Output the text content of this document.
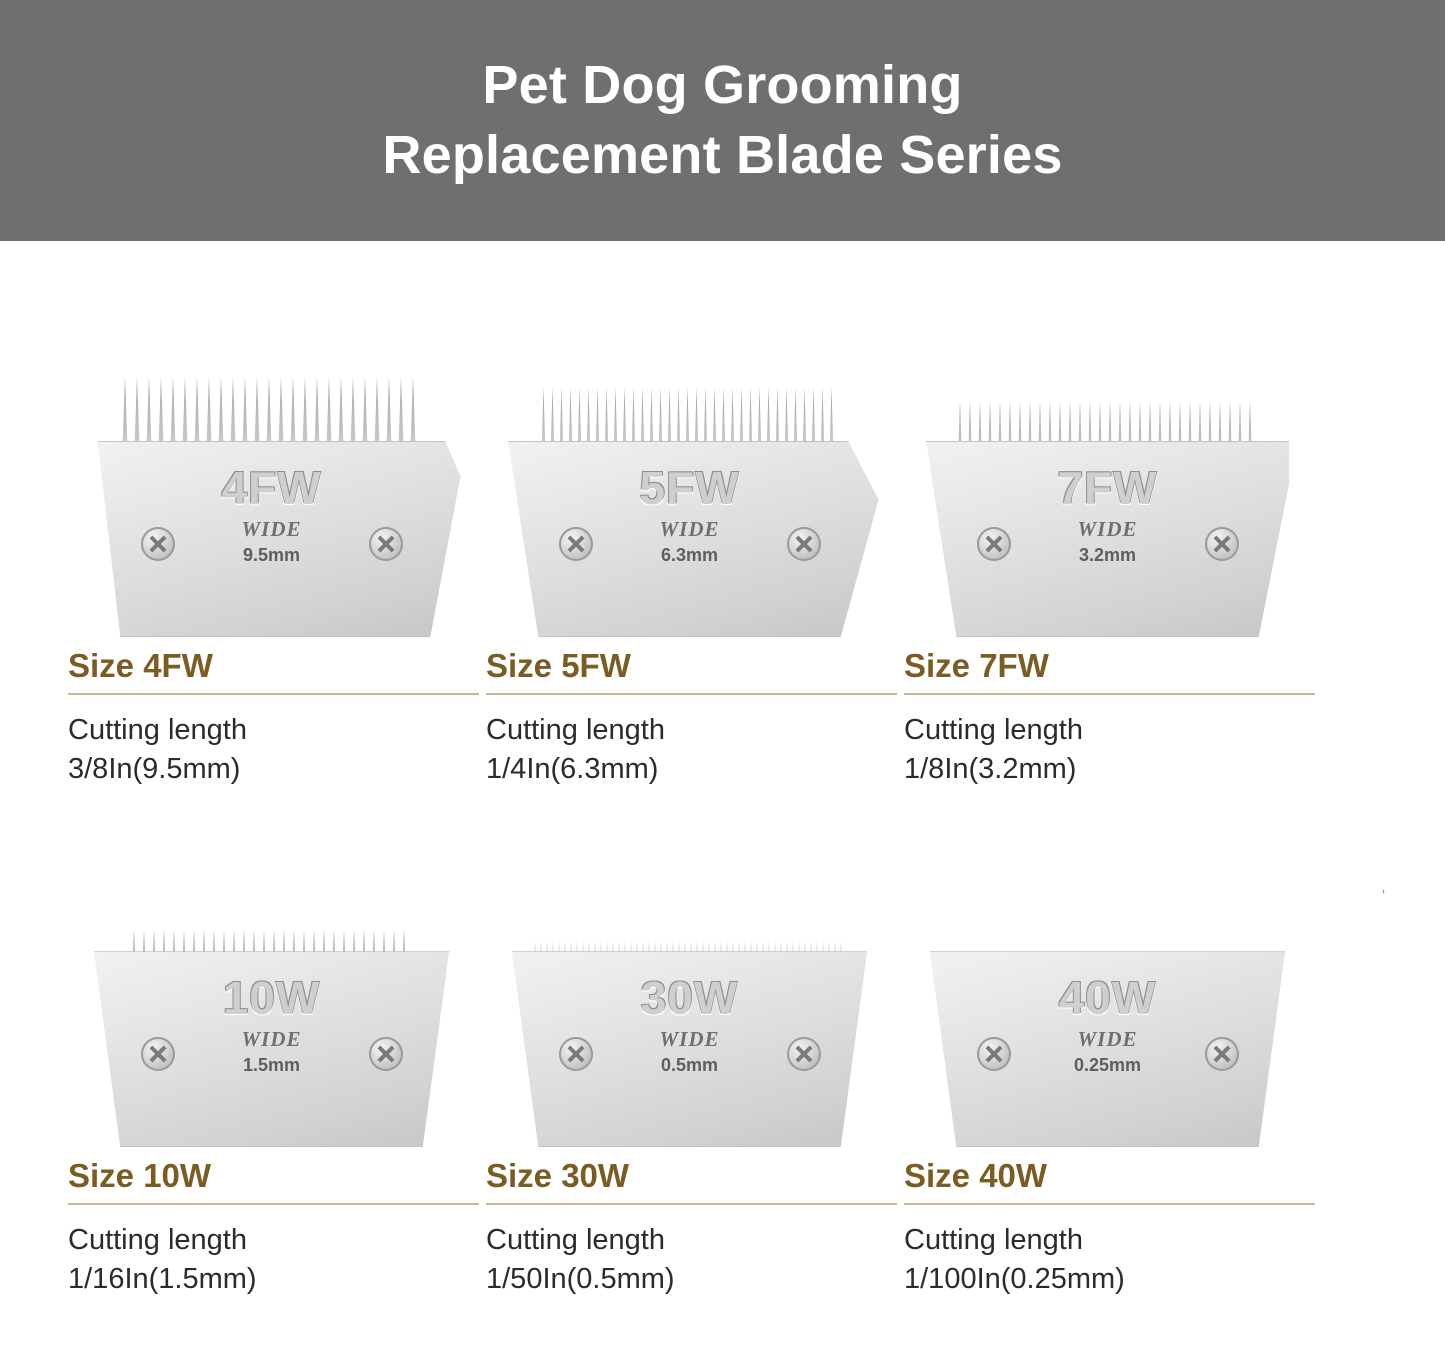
Pet Dog Grooming
Replacement Blade Series
4FW
WIDE
9.5mm
Size 4FW
Cutting length
3/8In(9.5mm)
5FW
WIDE
6.3mm
Size 5FW
Cutting length
1/4In(6.3mm)
7FW
WIDE
3.2mm
Size 7FW
Cutting length
1/8In(3.2mm)
10W
WIDE
1.5mm
Size 10W
Cutting length
1/16In(1.5mm)
30W
WIDE
0.5mm
Size 30W
Cutting length
1/50In(0.5mm)
40W
WIDE
0.25mm
Size 40W
Cutting length
1/100In(0.25mm)
'
